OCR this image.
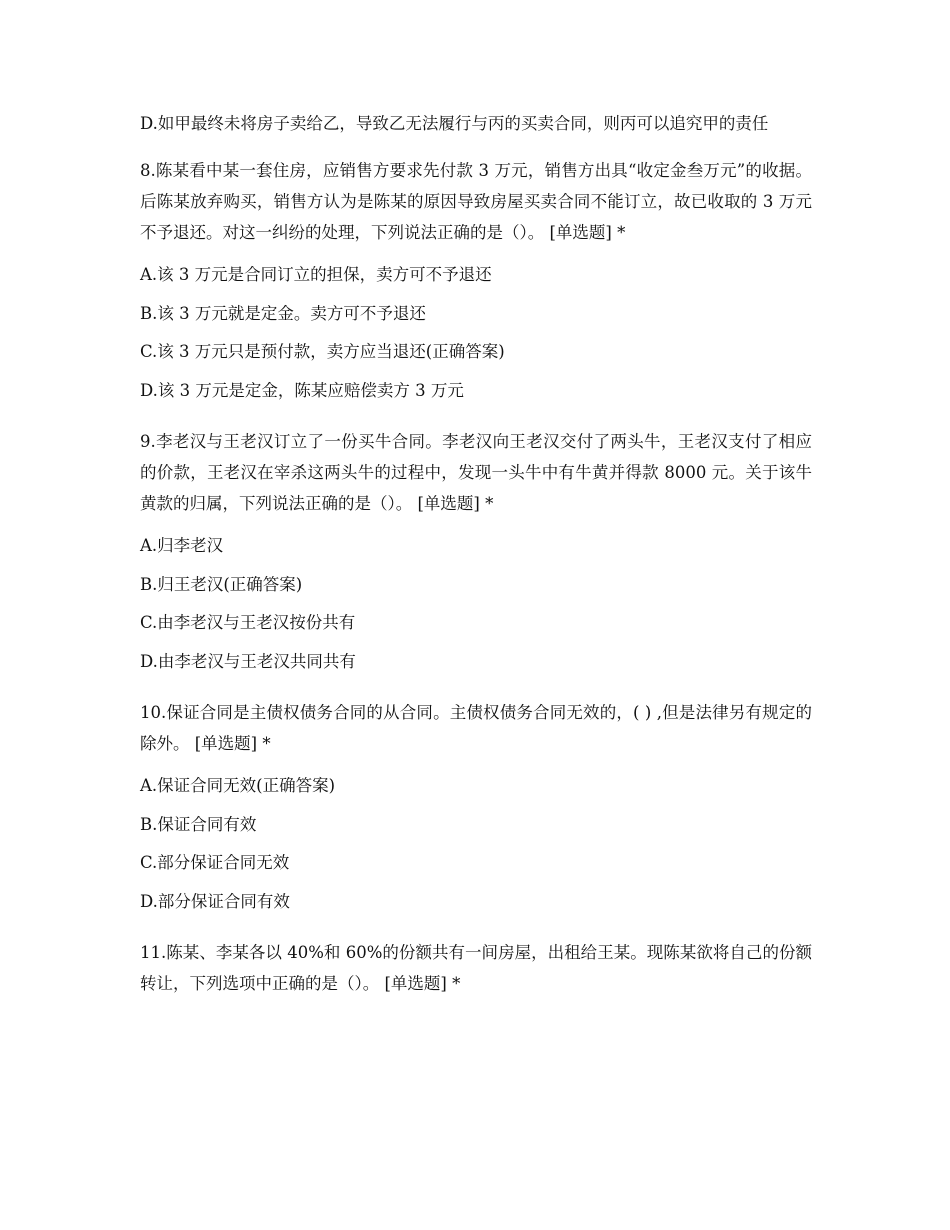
D.如甲最终未将房子卖给乙，导致乙无法履行与丙的买卖合同，则丙可以追究甲的责任

8.陈某看中某一套住房，应销售方要求先付款 3 万元，销售方出具“收定金叁万元”的收据。后陈某放弃购买，销售方认为是陈某的原因导致房屋买卖合同不能订立，故已收取的 3 万元不予退还。对这一纠纷的处理，下列说法正确的是（）。 [单选题] *

A.该 3 万元是合同订立的担保，卖方可不予退还
B.该 3 万元就是定金。卖方可不予退还
C.该 3 万元只是预付款，卖方应当退还(正确答案)
D.该 3 万元是定金，陈某应赔偿卖方 3 万元

9.李老汉与王老汉订立了一份买牛合同。李老汉向王老汉交付了两头牛，王老汉支付了相应的价款，王老汉在宰杀这两头牛的过程中，发现一头牛中有牛黄并得款 8000 元。关于该牛黄款的归属，下列说法正确的是（）。 [单选题] *

A.归李老汉
B.归王老汉(正确答案)
C.由李老汉与王老汉按份共有
D.由李老汉与王老汉共同共有

10.保证合同是主债权债务合同的从合同。主债权债务合同无效的，( ) ,但是法律另有规定的除外。 [单选题] *

A.保证合同无效(正确答案)
B.保证合同有效
C.部分保证合同无效
D.部分保证合同有效

11.陈某、李某各以 40%和 60%的份额共有一间房屋，出租给王某。现陈某欲将自己的份额转让，下列选项中正确的是（）。 [单选题] *
